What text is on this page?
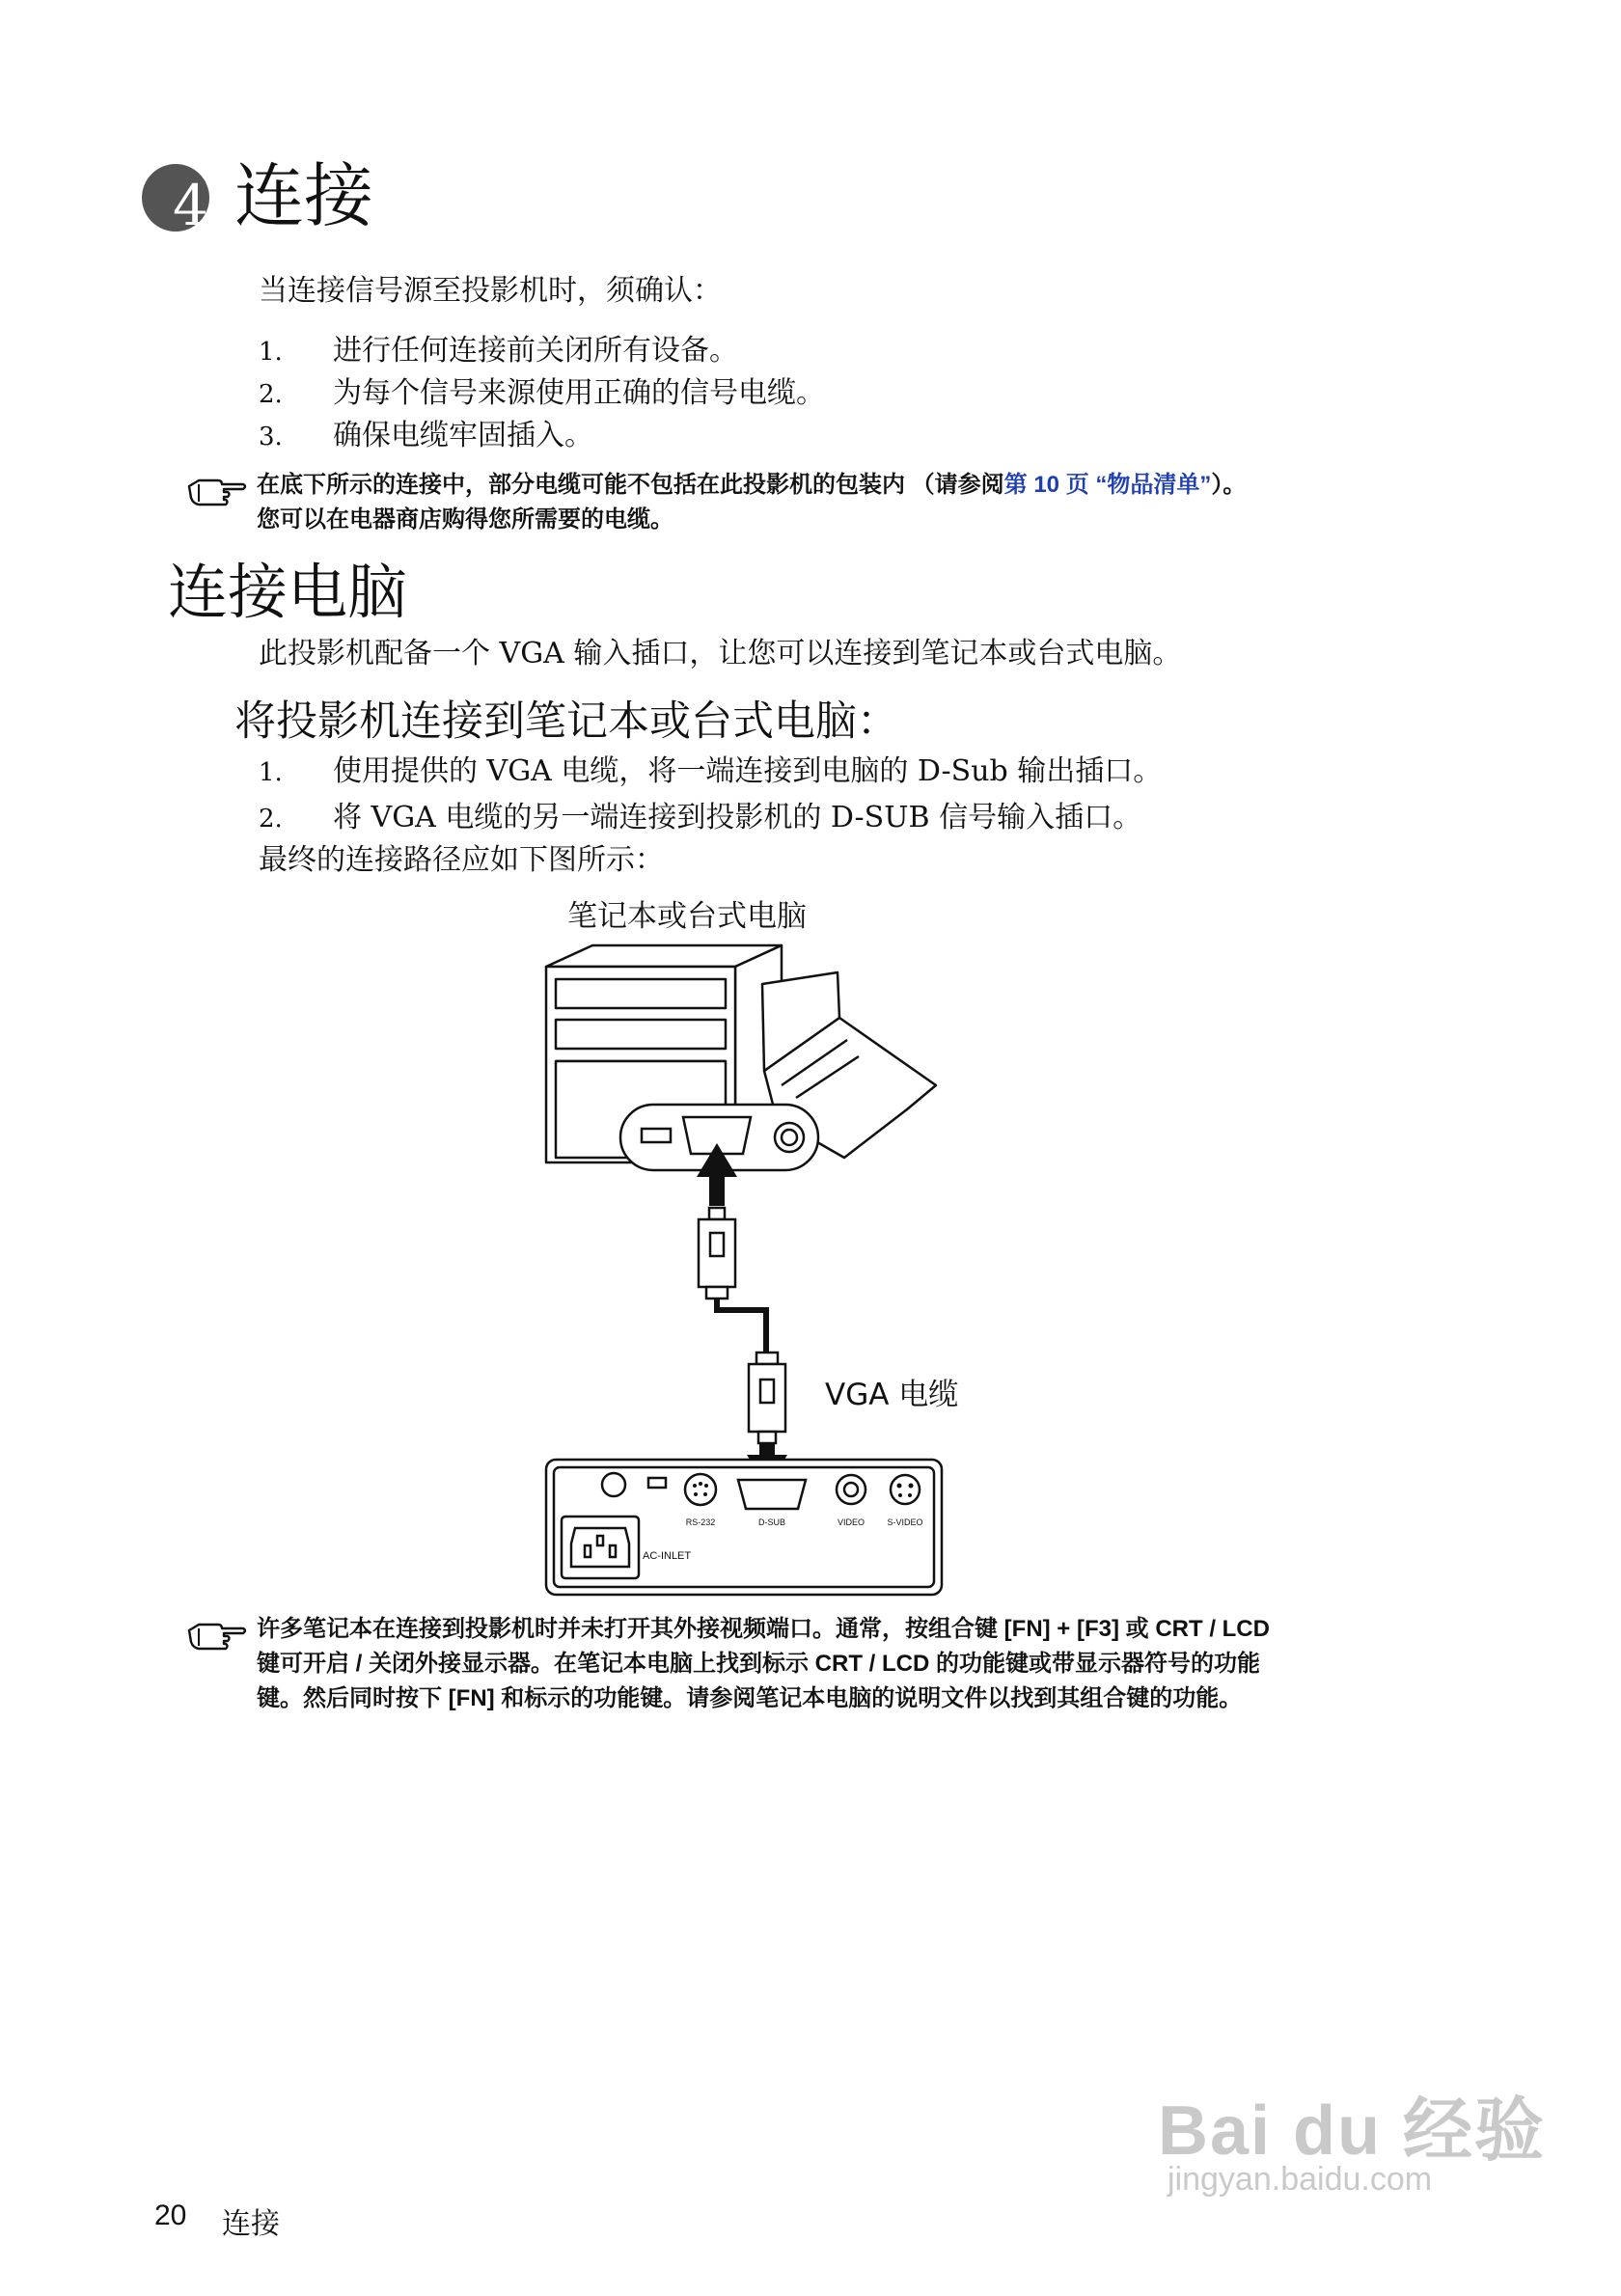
4 连接
当连接信号源至投影机时，须确认：
1. 进行任何连接前关闭所有设备。
2. 为每个信号来源使用正确的信号电缆。
3. 确保电缆牢固插入。
在底下所示的连接中，部分电缆可能不包括在此投影机的包装内 （请参阅第 10 页 “物品清单”）。
您可以在电器商店购得您所需要的电缆。
连接电脑
此投影机配备一个 VGA 输入插口，让您可以连接到笔记本或台式电脑。
将投影机连接到笔记本或台式电脑：
1. 使用提供的 VGA 电缆，将一端连接到电脑的 D-Sub 输出插口。
2. 将 VGA 电缆的另一端连接到投影机的 D-SUB 信号输入插口。
最终的连接路径应如下图所示：
笔记本或台式电脑
VGA 电缆
RS-232	D-SUB	VIDEO	S-VIDEO
AC-INLET
许多笔记本在连接到投影机时并未打开其外接视频端口。通常，按组合键 [FN] + [F3] 或 CRT / LCD
键可开启 / 关闭外接显示器。在笔记本电脑上找到标示 CRT / LCD 的功能键或带显示器符号的功能
键。然后同时按下 [FN] 和标示的功能键。请参阅笔记本电脑的说明文件以找到其组合键的功能。
Bai du 经验
jingyan.baidu.com
20 连接
